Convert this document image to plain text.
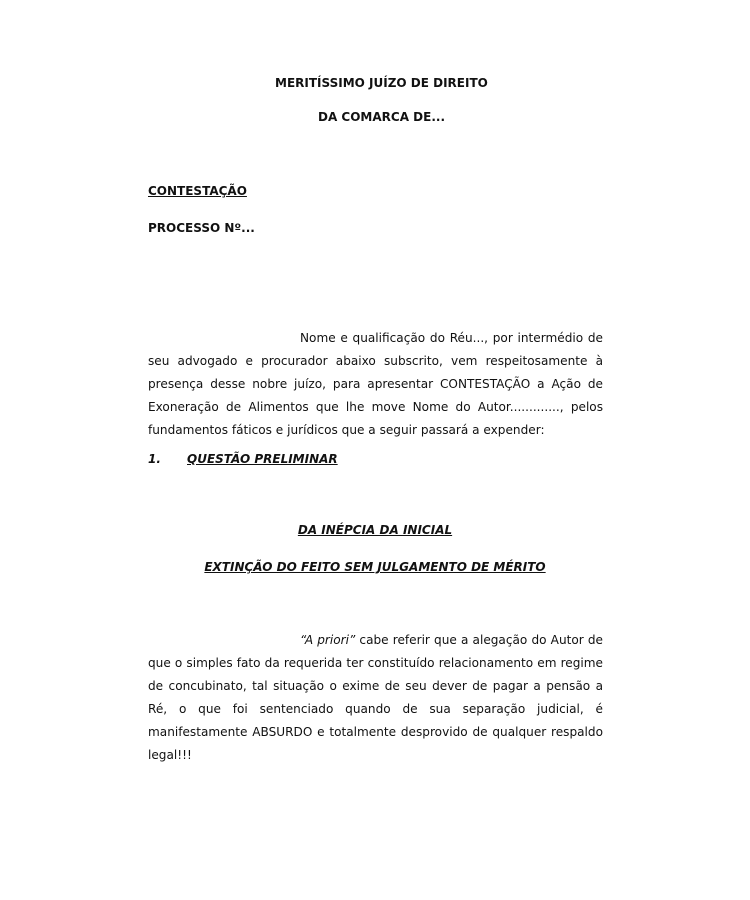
MERITÍSSIMO JUÍZO DE DIREITO

DA COMARCA DE...

CONTESTAÇÃO

PROCESSO Nº...

Nome e qualificação do Réu..., por intermédio de seu advogado e procurador abaixo subscrito, vem respeitosamente à presença desse nobre juízo, para apresentar CONTESTAÇÃO a Ação de Exoneração de Alimentos que lhe move Nome do Autor............., pelos fundamentos fáticos e jurídicos que a seguir passará a expender:

1. QUESTÃO PRELIMINAR

DA INÉPCIA DA INICIAL

EXTINÇÃO DO FEITO SEM JULGAMENTO DE MÉRITO

“A priori” cabe referir que a alegação do Autor de que o simples fato da requerida ter constituído relacionamento em regime de concubinato, tal situação o exime de seu dever de pagar a pensão a Ré, o que foi sentenciado quando de sua separação judicial, é manifestamente ABSURDO e totalmente desprovido de qualquer respaldo legal!!!
